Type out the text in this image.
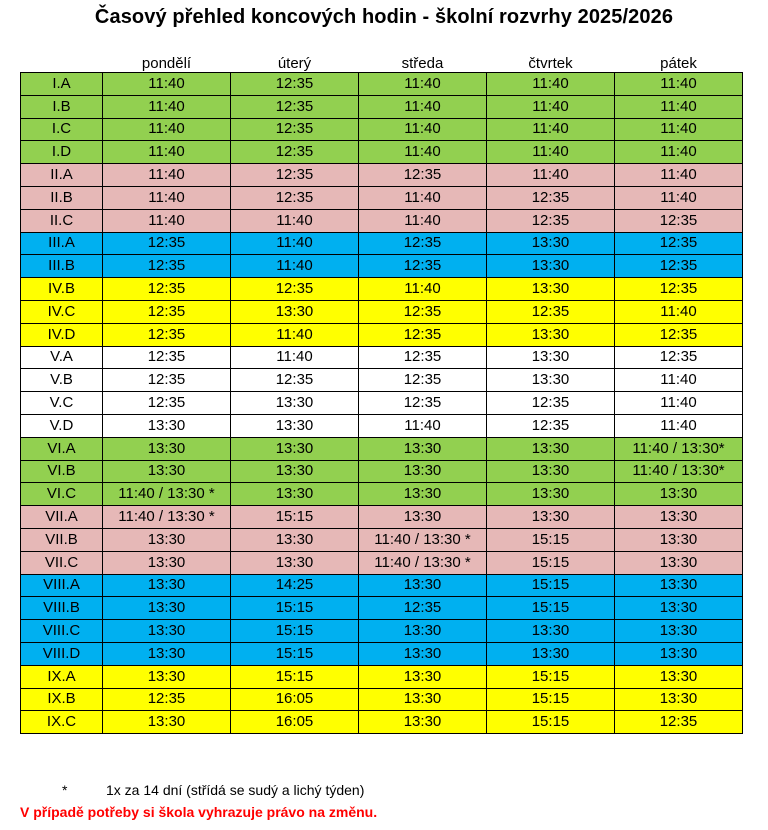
Časový přehled koncových hodin - školní rozvrhy 2025/2026
	pondělí	úterý	středa	čtvrtek	pátek
I.A	11:40	12:35	11:40	11:40	11:40
I.B	11:40	12:35	11:40	11:40	11:40
I.C	11:40	12:35	11:40	11:40	11:40
I.D	11:40	12:35	11:40	11:40	11:40
II.A	11:40	12:35	12:35	11:40	11:40
II.B	11:40	12:35	11:40	12:35	11:40
II.C	11:40	11:40	11:40	12:35	12:35
III.A	12:35	11:40	12:35	13:30	12:35
III.B	12:35	11:40	12:35	13:30	12:35
IV.B	12:35	12:35	11:40	13:30	12:35
IV.C	12:35	13:30	12:35	12:35	11:40
IV.D	12:35	11:40	12:35	13:30	12:35
V.A	12:35	11:40	12:35	13:30	12:35
V.B	12:35	12:35	12:35	13:30	11:40
V.C	12:35	13:30	12:35	12:35	11:40
V.D	13:30	13:30	11:40	12:35	11:40
VI.A	13:30	13:30	13:30	13:30	11:40 / 13:30*
VI.B	13:30	13:30	13:30	13:30	11:40 / 13:30*
VI.C	11:40 / 13:30 *	13:30	13:30	13:30	13:30
VII.A	11:40 / 13:30 *	15:15	13:30	13:30	13:30
VII.B	13:30	13:30	11:40 / 13:30 *	15:15	13:30
VII.C	13:30	13:30	11:40 / 13:30 *	15:15	13:30
VIII.A	13:30	14:25	13:30	15:15	13:30
VIII.B	13:30	15:15	12:35	15:15	13:30
VIII.C	13:30	15:15	13:30	13:30	13:30
VIII.D	13:30	15:15	13:30	13:30	13:30
IX.A	13:30	15:15	13:30	15:15	13:30
IX.B	12:35	16:05	13:30	15:15	13:30
IX.C	13:30	16:05	13:30	15:15	12:35
*	1x za 14 dní (střídá se sudý a lichý týden)
V případě potřeby si škola vyhrazuje právo na změnu.
